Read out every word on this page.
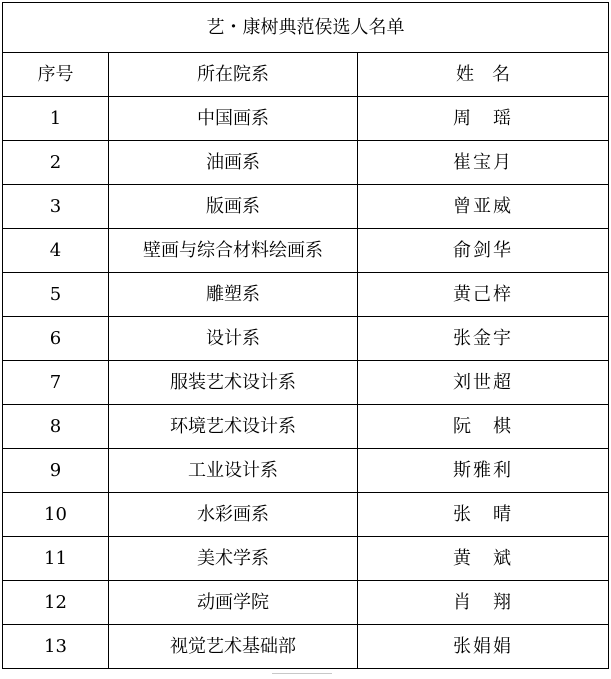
艺・康树典范侯选人名单		
序号	所在院系	姓　名
1	中国画系	周　瑶
2	油画系	崔宝月
3	版画系	曾亚威
4	壁画与综合材料绘画系	俞剑华
5	雕塑系	黄己梓
6	设计系	张金宇
7	服装艺术设计系	刘世超
8	环境艺术设计系	阮　棋
9	工业设计系	斯雅利
10	水彩画系	张　晴
11	美术学系	黄　斌
12	动画学院	肖　翔
13	视觉艺术基础部	张娟娟
